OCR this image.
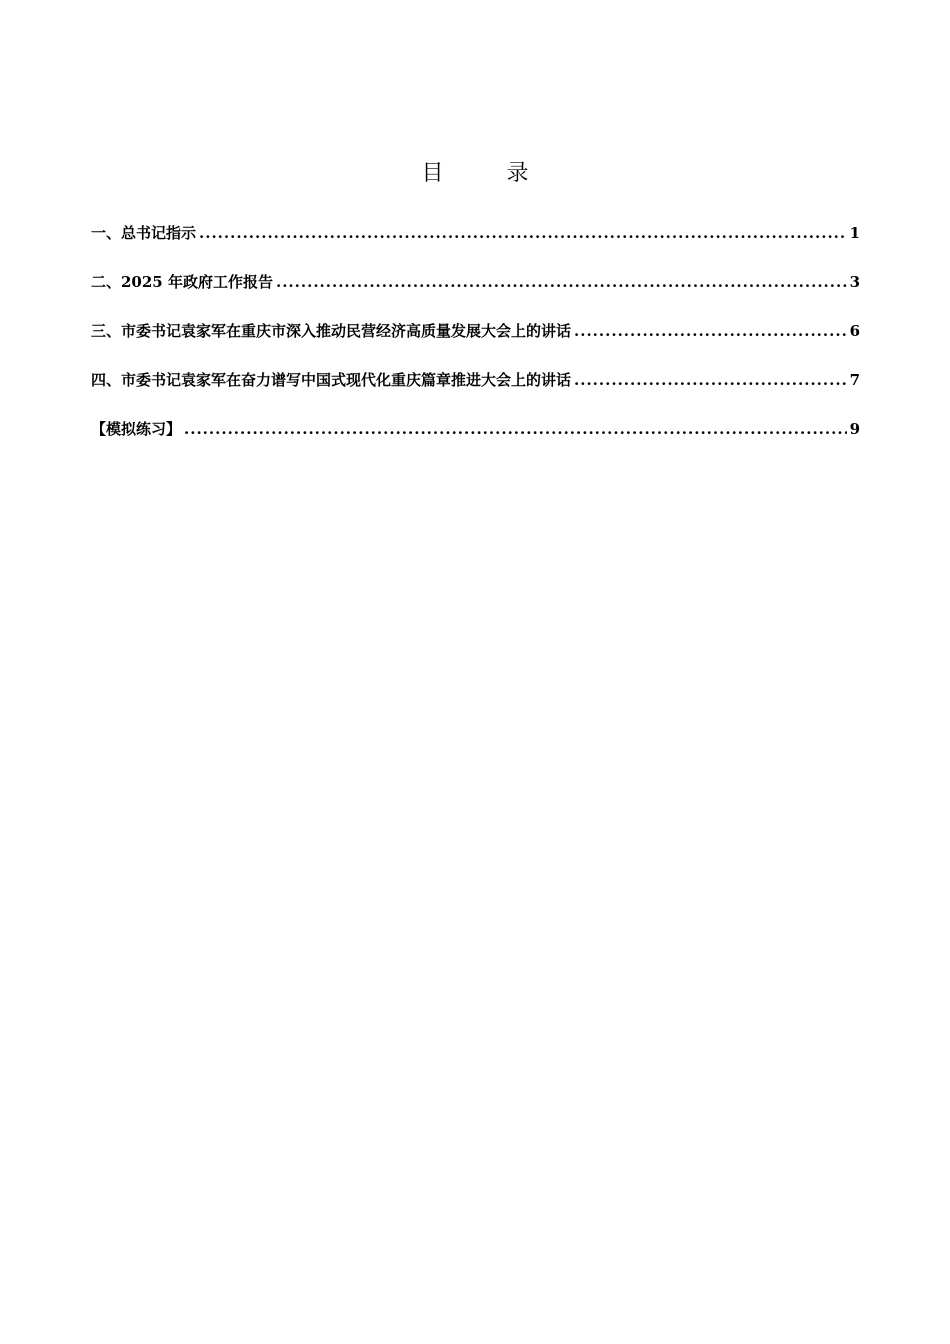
目 录
一、总书记指示 .....	1
二、2025 年政府工作报告 .....	3
三、市委书记袁家军在重庆市深入推动民营经济高质量发展大会上的讲话 .....	6
四、市委书记袁家军在奋力谱写中国式现代化重庆篇章推进大会上的讲话 .....	7
【模拟练习】 .....	9
